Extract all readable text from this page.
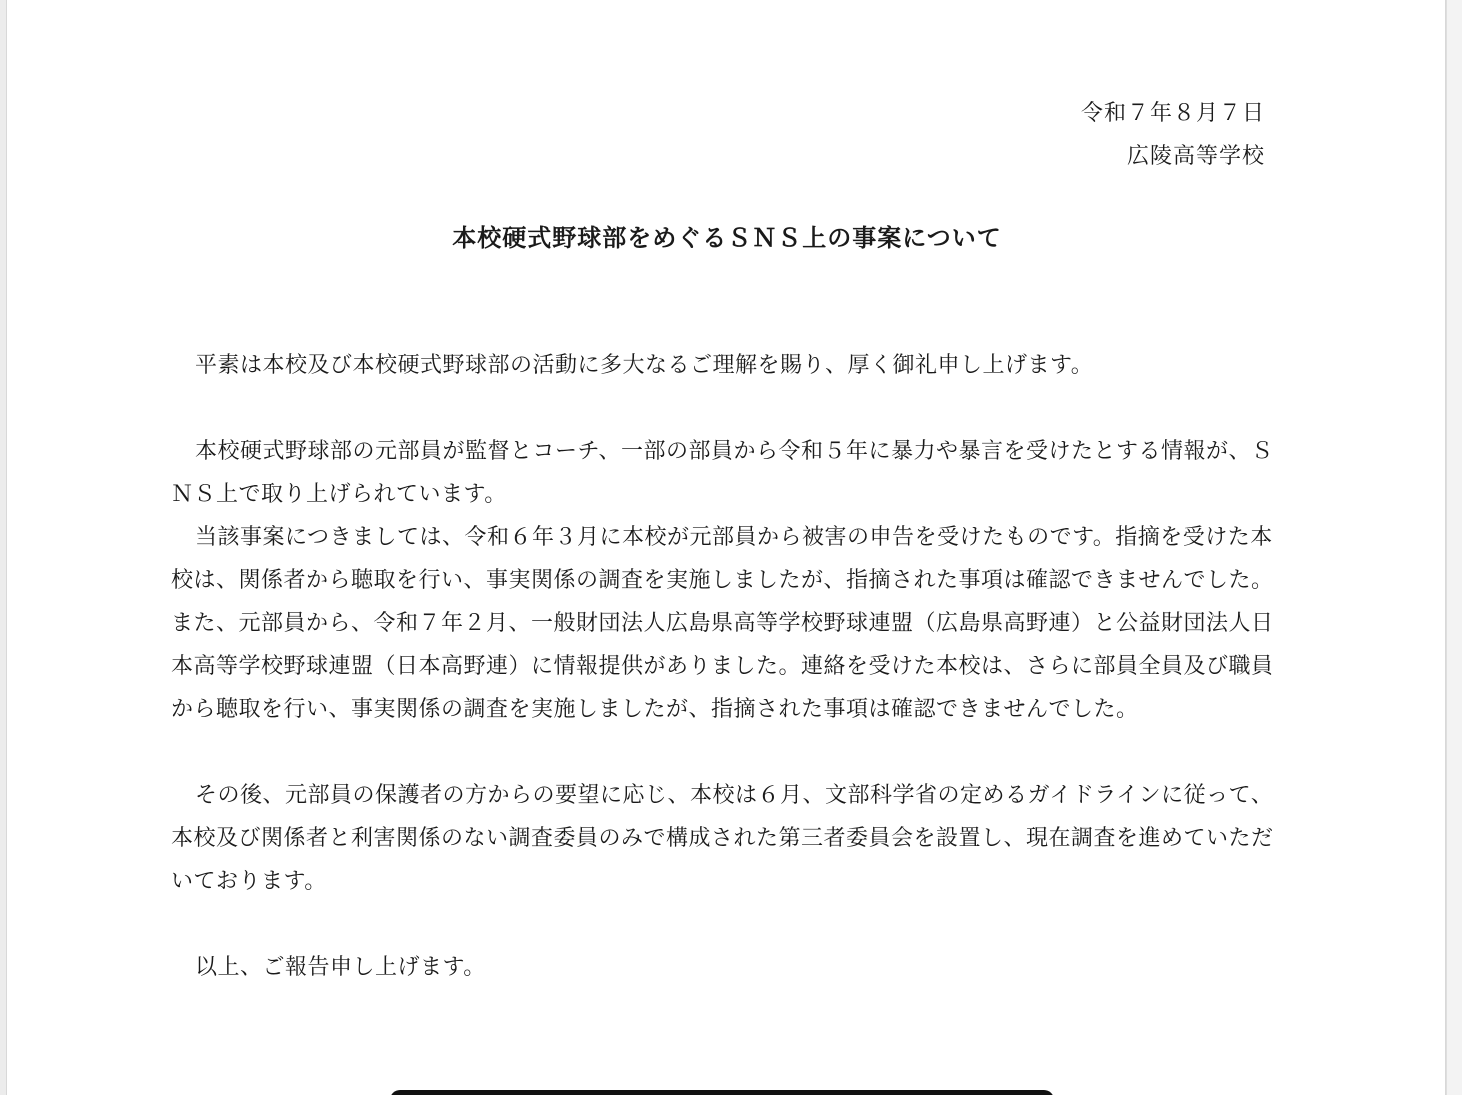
令和７年８月７日
広陵高等学校
本校硬式野球部をめぐるＳＮＳ上の事案について

平素は本校及び本校硬式野球部の活動に多大なるご理解を賜り、厚く御礼申し上げます。

本校硬式野球部の元部員が監督とコーチ、一部の部員から令和５年に暴力や暴言を受けたとする情報が、ＳＮＳ上で取り上げられています。

当該事案につきましては、令和６年３月に本校が元部員から被害の申告を受けたものです。指摘を受けた本校は、関係者から聴取を行い、事実関係の調査を実施しましたが、指摘された事項は確認できませんでした。また、元部員から、令和７年２月、一般財団法人広島県高等学校野球連盟（広島県高野連）と公益財団法人日本高等学校野球連盟（日本高野連）に情報提供がありました。連絡を受けた本校は、さらに部員全員及び職員から聴取を行い、事実関係の調査を実施しましたが、指摘された事項は確認できませんでした。

その後、元部員の保護者の方からの要望に応じ、本校は６月、文部科学省の定めるガイドラインに従って、本校及び関係者と利害関係のない調査委員のみで構成された第三者委員会を設置し、現在調査を進めていただいております。

以上、ご報告申し上げます。
